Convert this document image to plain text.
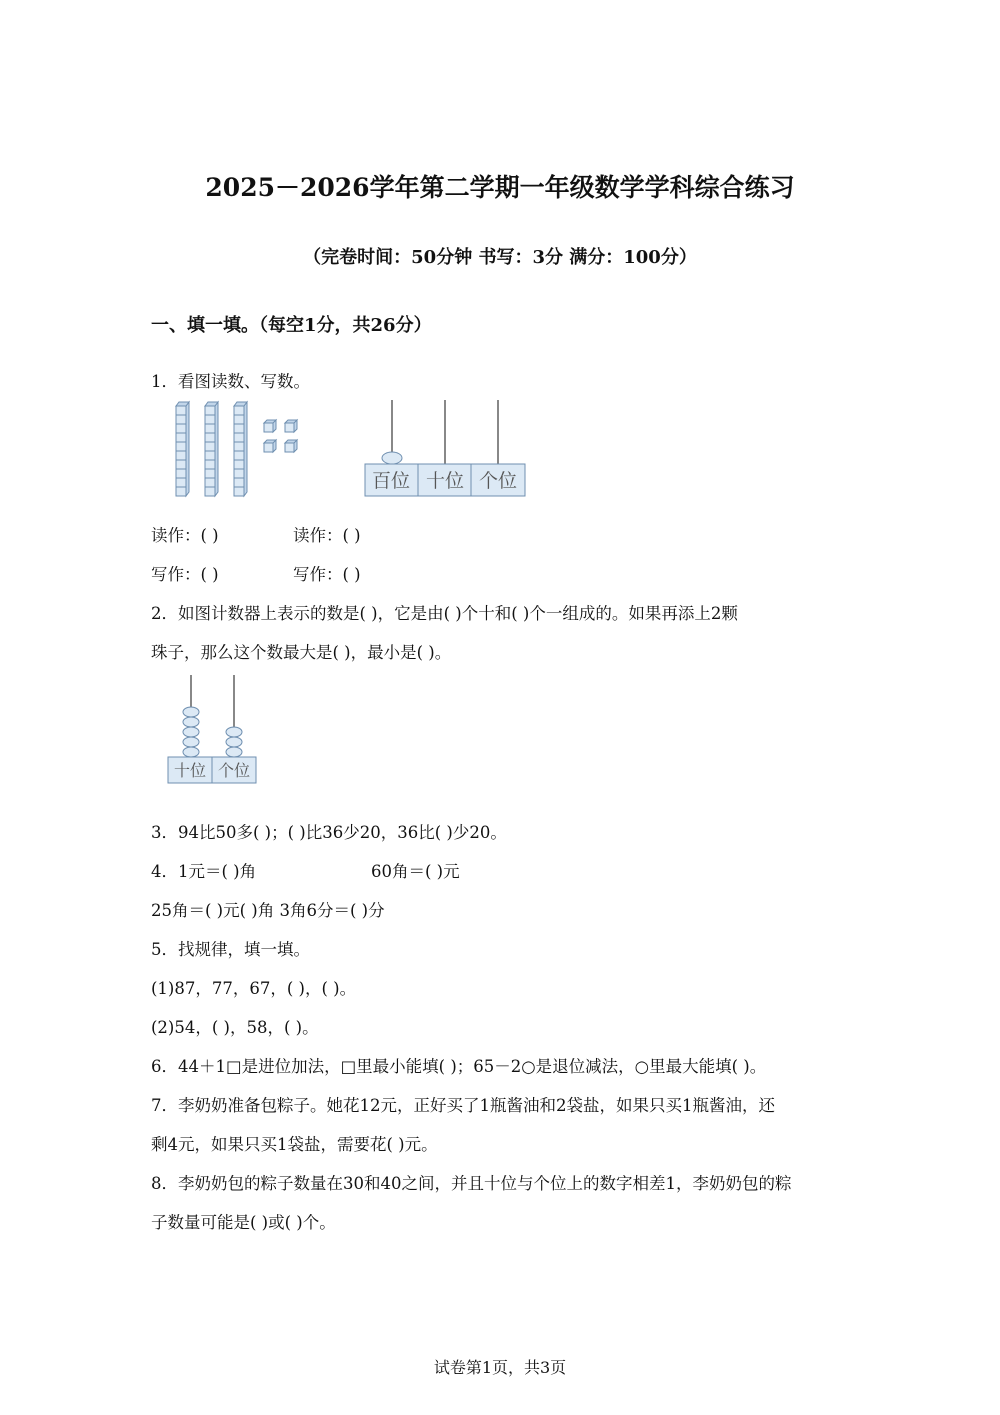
2025－2026学年第二学期一年级数学学科综合练习
（完卷时间：50分钟 书写：3分 满分：100分）
一、填一填。（每空1分，共26分）
1．看图读数、写数。
百位 十位 个位
读作：( )	读作：( )
写作：( )	写作：( )
2．如图计数器上表示的数是( )，它是由( )个十和( )个一组成的。如果再添上2颗
珠子，那么这个数最大是( )，最小是( )。
十位 个位
3．94比50多( )；( )比36少20，36比( )少20。
4．1元＝( )角	60角＝( )元
25角＝( )元( )角 3角6分＝( )分
5．找规律，填一填。
(1)87，77，67，( )，( )。
(2)54，( )，58，( )。
6．44＋1□是进位加法，□里最小能填( )；65－2○是退位减法，○里最大能填( )。
7．李奶奶准备包粽子。她花12元，正好买了1瓶酱油和2袋盐，如果只买1瓶酱油，还
剩4元，如果只买1袋盐，需要花( )元。
8．李奶奶包的粽子数量在30和40之间，并且十位与个位上的数字相差1，李奶奶包的粽
子数量可能是( )或( )个。
试卷第1页，共3页
